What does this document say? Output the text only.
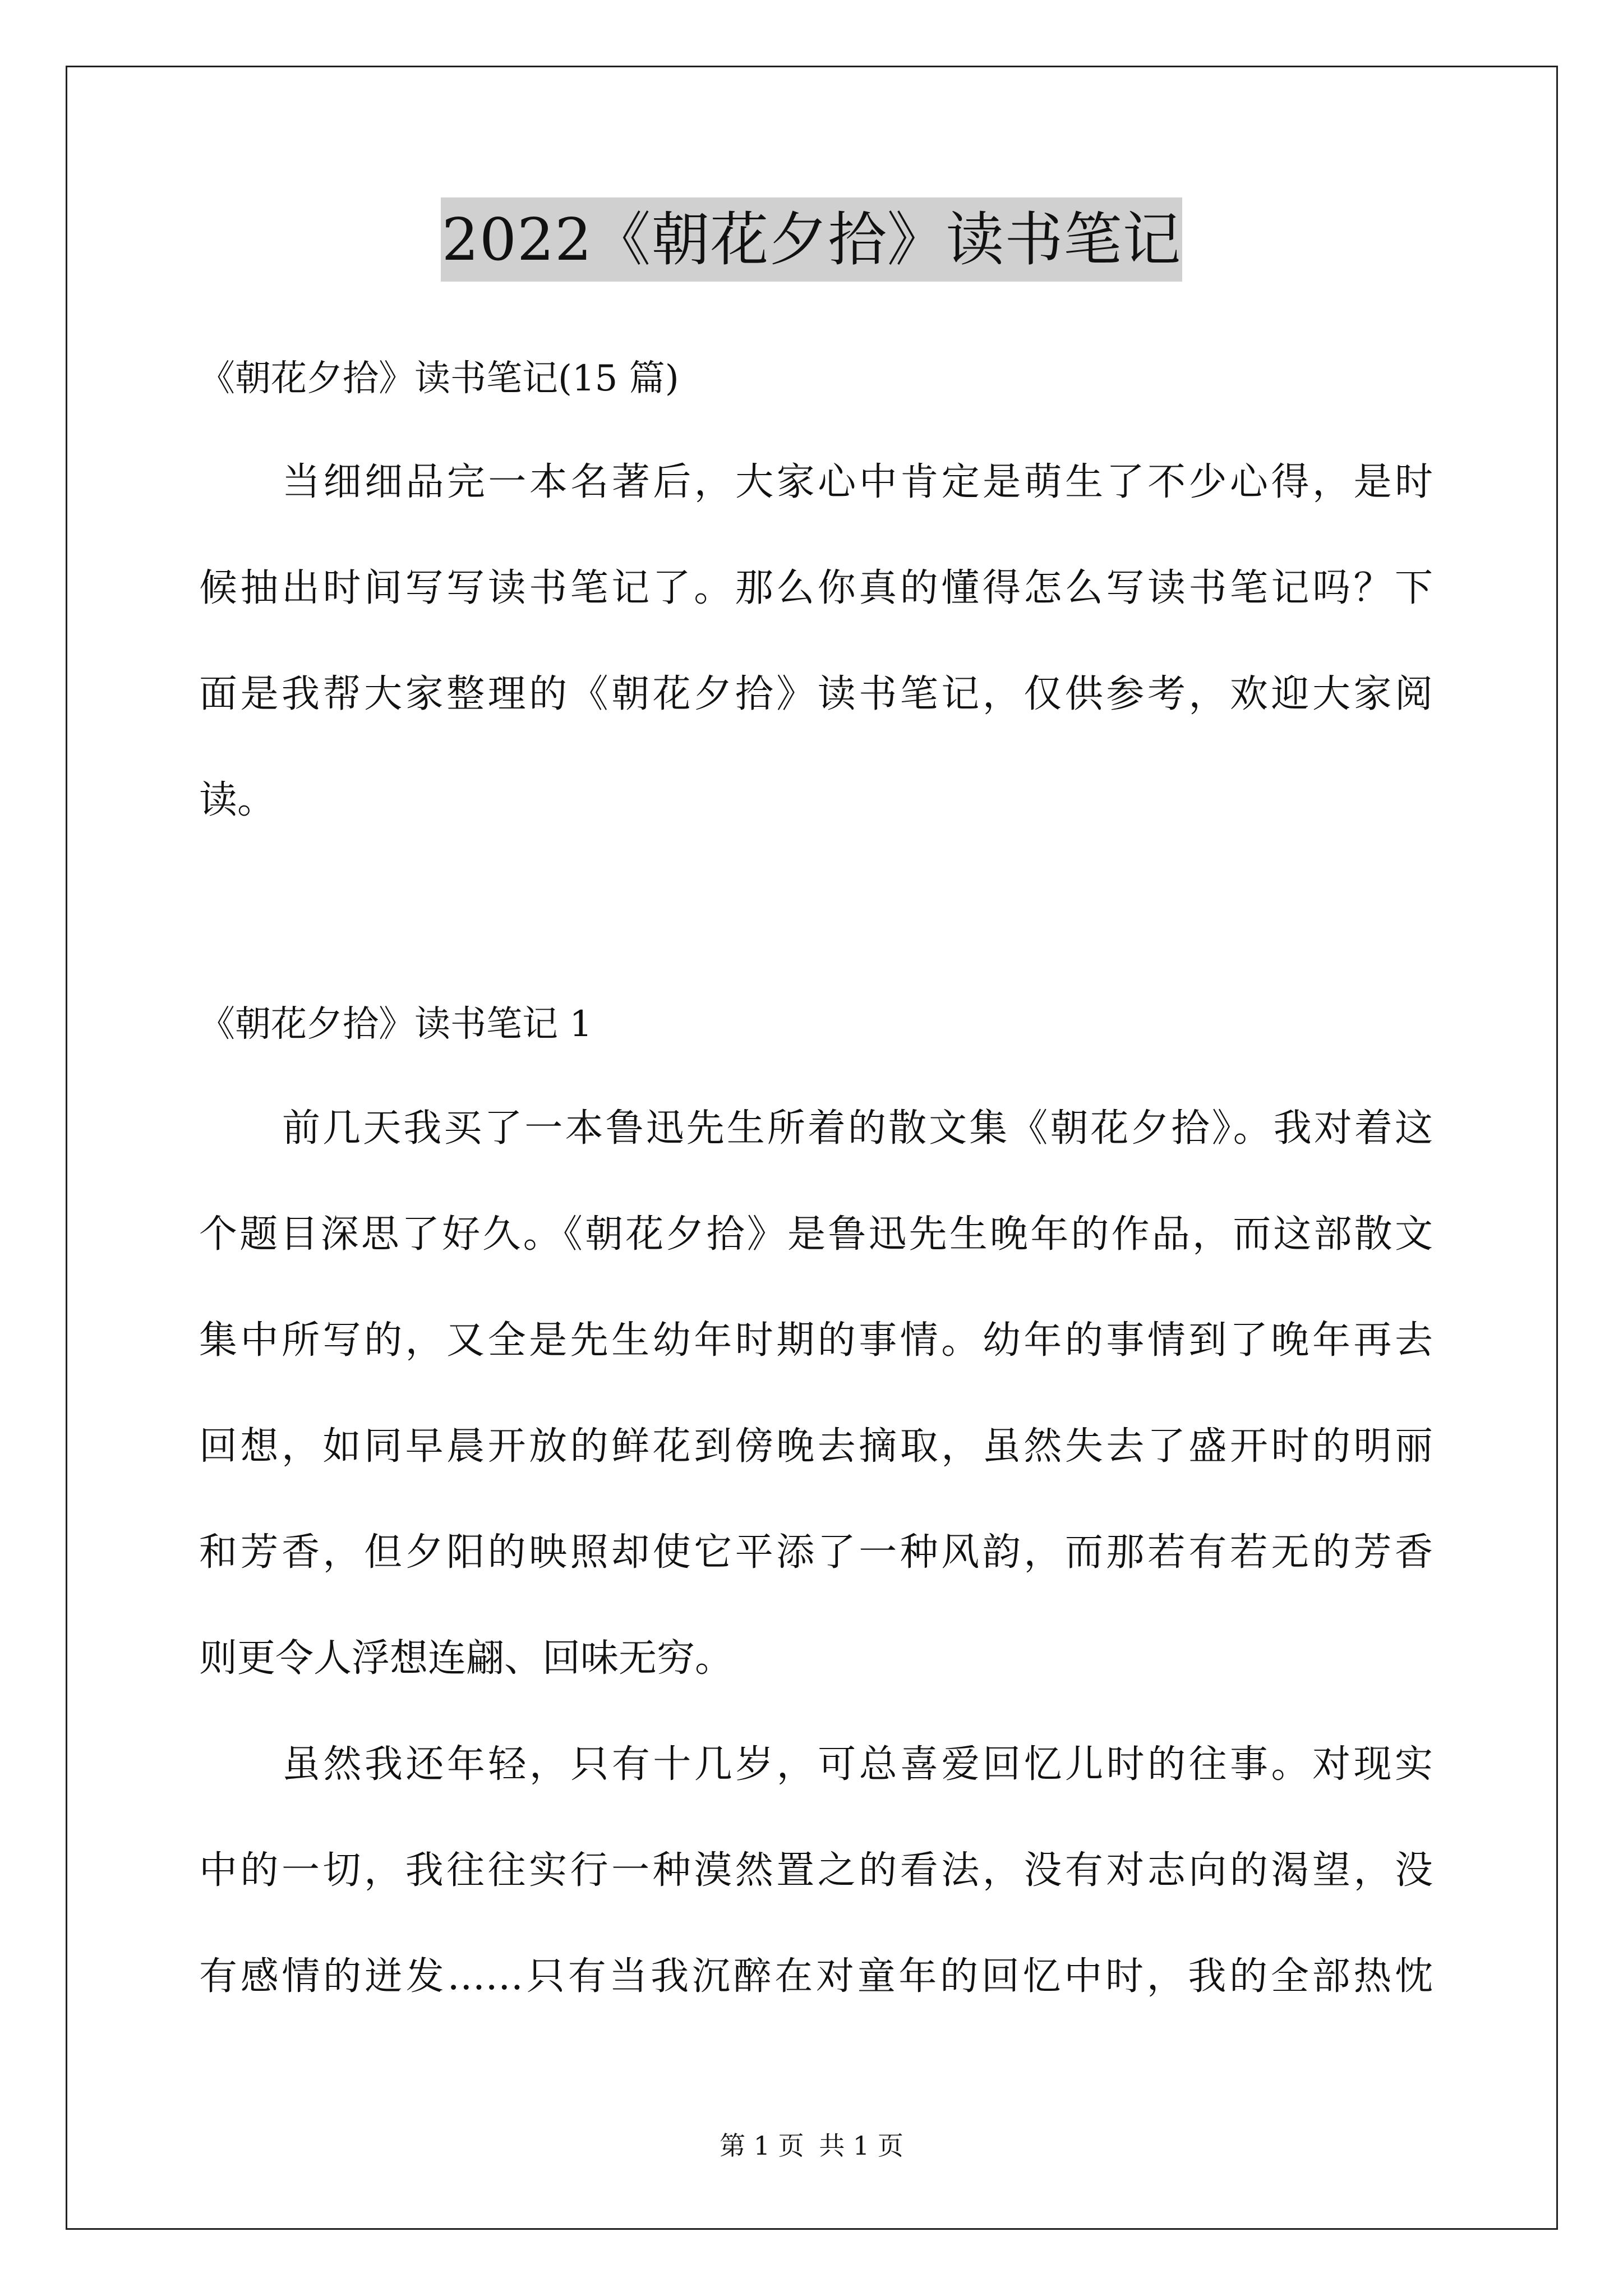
2022《朝花夕拾》读书笔记
《朝花夕拾》读书笔记(15 篇)
当细细品完一本名著后，大家心中肯定是萌生了不少心得，是时
候抽出时间写写读书笔记了。那么你真的懂得怎么写读书笔记吗？下
面是我帮大家整理的《朝花夕拾》读书笔记，仅供参考，欢迎大家阅
读。
《朝花夕拾》读书笔记 1
前几天我买了一本鲁迅先生所着的散文集《朝花夕拾》。我对着这
个题目深思了好久。《朝花夕拾》是鲁迅先生晚年的作品，而这部散文
集中所写的，又全是先生幼年时期的事情。幼年的事情到了晚年再去
回想，如同早晨开放的鲜花到傍晚去摘取，虽然失去了盛开时的明丽
和芳香，但夕阳的映照却使它平添了一种风韵，而那若有若无的芳香
则更令人浮想连翩、回味无穷。
虽然我还年轻，只有十几岁，可总喜爱回忆儿时的往事。对现实
中的一切，我往往实行一种漠然置之的看法，没有对志向的渴望，没
有感情的迸发……只有当我沉醉在对童年的回忆中时，我的全部热忱
第 1 页 共 1 页
